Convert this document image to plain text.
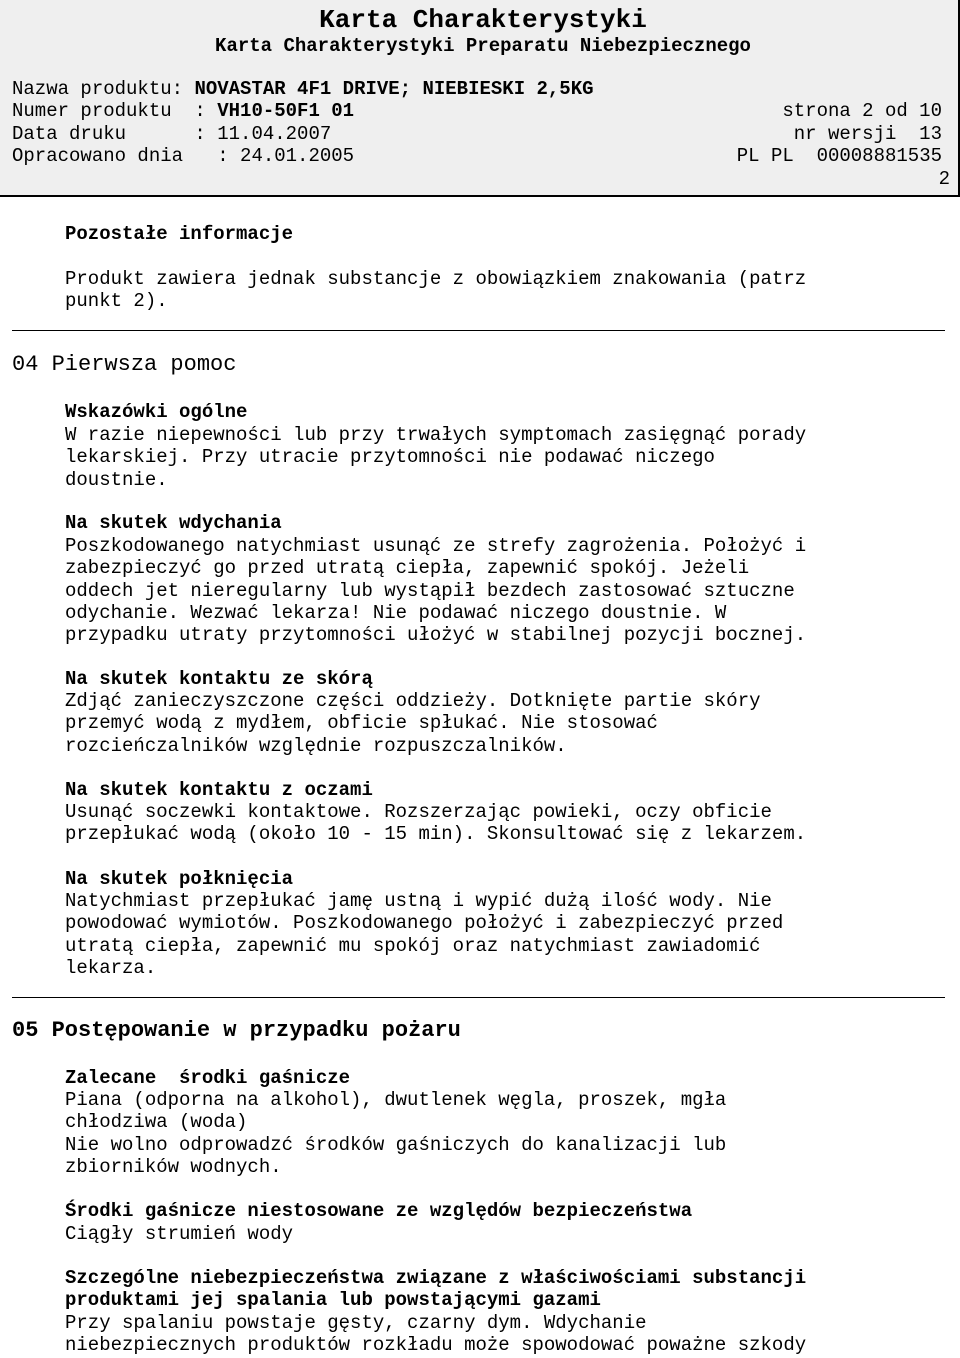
Karta Charakterystyki
Karta Charakterystyki Preparatu Niebezpiecznego
Nazwa produktu: NOVASTAR 4F1 DRIVE; NIEBIESKI 2,5KG
Numer produktu  : VH10-50F1 01	strona 2 od 10
Data druku      : 11.04.2007	nr wersji  13
Opracowano dnia   : 24.01.2005	PL PL  00008881535
2
Pozostałe informacje
Produkt zawiera jednak substancje z obowiązkiem znakowania (patrz
punkt 2).
04 Pierwsza pomoc
Wskazówki ogólne
W razie niepewności lub przy trwałych symptomach zasięgnąć porady
lekarskiej. Przy utracie przytomności nie podawać niczego
doustnie.
Na skutek wdychania
Poszkodowanego natychmiast usunąć ze strefy zagrożenia. Położyć i
zabezpieczyć go przed utratą ciepła, zapewnić spokój. Jeżeli
oddech jet nieregularny lub wystąpił bezdech zastosować sztuczne
odychanie. Wezwać lekarza! Nie podawać niczego doustnie. W
przypadku utraty przytomności ułożyć w stabilnej pozycji bocznej.
Na skutek kontaktu ze skórą
Zdjąć zanieczyszczone części oddzieży. Dotknięte partie skóry
przemyć wodą z mydłem, obficie spłukać. Nie stosować
rozcieńczalników względnie rozpuszczalników.
Na skutek kontaktu z oczami
Usunąć soczewki kontaktowe. Rozszerzając powieki, oczy obficie
przepłukać wodą (około 10 - 15 min). Skonsultować się z lekarzem.
Na skutek połknięcia
Natychmiast przepłukać jamę ustną i wypić dużą ilość wody. Nie
powodować wymiotów. Poszkodowanego położyć i zabezpieczyć przed
utratą ciepła, zapewnić mu spokój oraz natychmiast zawiadomić
lekarza.
05 Postępowanie w przypadku pożaru
Zalecane  środki gaśnicze
Piana (odporna na alkohol), dwutlenek węgla, proszek, mgła
chłodziwa (woda)
Nie wolno odprowadzć środków gaśniczych do kanalizacji lub
zbiorników wodnych.
Środki gaśnicze niestosowane ze względów bezpieczeństwa
Ciągły strumień wody
Szczególne niebezpieczeństwa związane z właściwościami substancji
produktami jej spalania lub powstającymi gazami
Przy spalaniu powstaje gęsty, czarny dym. Wdychanie
niebezpiecznych produktów rozkładu może spowodować poważne szkody
